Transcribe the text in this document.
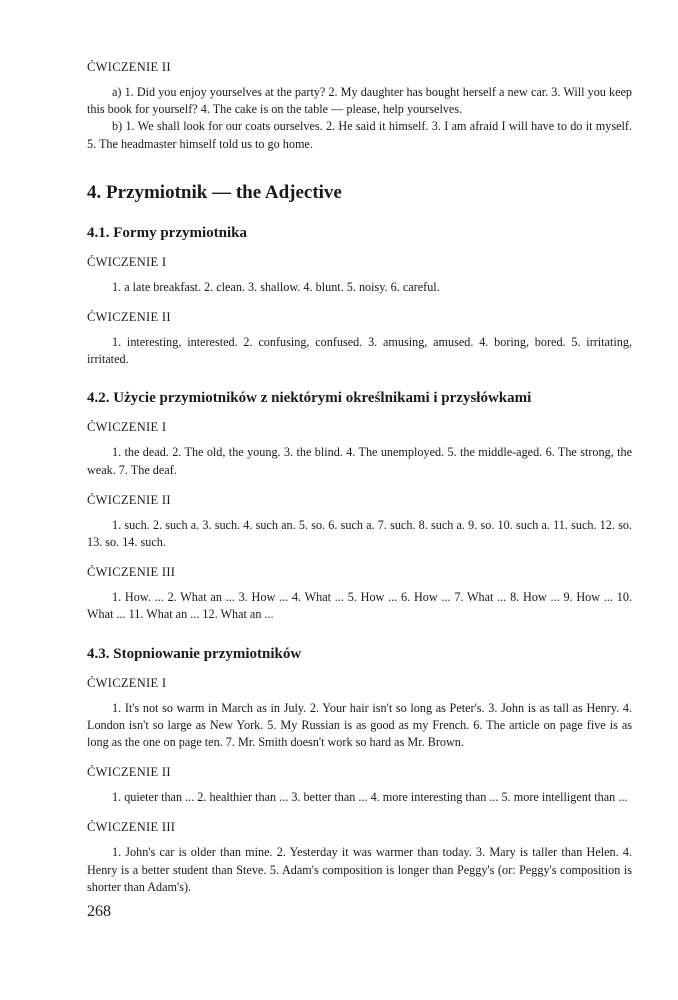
ĆWICZENIE II

a) 1. Did you enjoy yourselves at the party? 2. My daughter has bought herself a new car. 3. Will you keep this book for yourself? 4. The cake is on the table — please, help yourselves.

b) 1. We shall look for our coats ourselves. 2. He said it himself. 3. I am afraid I will have to do it myself. 5. The headmaster himself told us to go home.

4. Przymiotnik — the Adjective
4.1. Formy przymiotnika

ĆWICZENIE I

1. a late breakfast. 2. clean. 3. shallow. 4. blunt. 5. noisy. 6. careful.

ĆWICZENIE II

1. interesting, interested. 2. confusing, confused. 3. amusing, amused. 4. boring, bored. 5. irritating, irritated.

4.2. Użycie przymiotników z niektórymi określnikami i przysłówkami

ĆWICZENIE I

1. the dead. 2. The old, the young. 3. the blind. 4. The unemployed. 5. the middle-aged. 6. The strong, the weak. 7. The deaf.

ĆWICZENIE II

1. such. 2. such a. 3. such. 4. such an. 5. so. 6. such a. 7. such. 8. such a. 9. so. 10. such a. 11. such. 12. so. 13. so. 14. such.

ĆWICZENIE III

1. How. ... 2. What an ... 3. How ... 4. What ... 5. How ... 6. How ... 7. What ... 8. How ... 9. How ... 10. What ... 11. What an ... 12. What an ...

4.3. Stopniowanie przymiotników

ĆWICZENIE I

1. It's not so warm in March as in July. 2. Your hair isn't so long as Peter's. 3. John is as tall as Henry. 4. London isn't so large as New York. 5. My Russian is as good as my French. 6. The article on page five is as long as the one on page ten. 7. Mr. Smith doesn't work so hard as Mr. Brown.

ĆWICZENIE II

1. quieter than ... 2. healthier than ... 3. better than ... 4. more interesting than ... 5. more intelligent than ...

ĆWICZENIE III

1. John's car is older than mine. 2. Yesterday it was warmer than today. 3. Mary is taller than Helen. 4. Henry is a better student than Steve. 5. Adam's composition is longer than Peggy's (or: Peggy's composition is shorter than Adam's).

268
